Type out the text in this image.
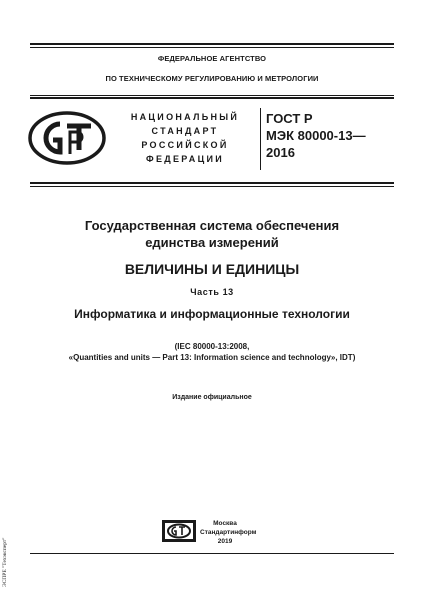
ФЕДЕРАЛЬНОЕ АГЕНТСТВО
ПО ТЕХНИЧЕСКОМУ РЕГУЛИРОВАНИЮ И МЕТРОЛОГИИ
НАЦИОНАЛЬНЫЙ
СТАНДАРТ
РОССИЙСКОЙ
ФЕДЕРАЦИИ
ГОСТ Р
МЭК 80000-13—
2016
Государственная система обеспечения
единства измерений
ВЕЛИЧИНЫ И ЕДИНИЦЫ
Часть 13
Информатика и информационные технологии
(IEC 80000-13:2008,
«Quantities and units — Part 13: Information science and technology», IDT)
Издание официальное
Москва
Стандартинформ
2019
ЭСПРЕ "Техэксперт"
